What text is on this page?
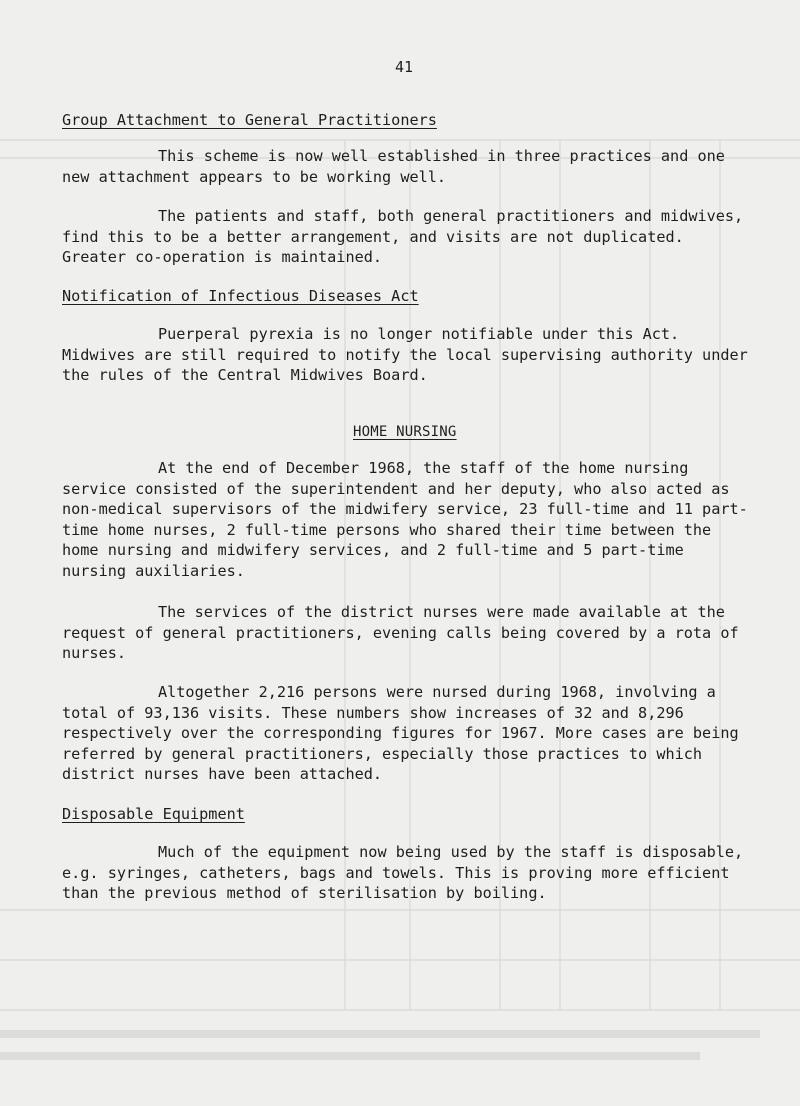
41
Group Attachment to General Practitioners

This scheme is now well established in three practices and one new attachment appears to be working well.

The patients and staff, both general practitioners and midwives, find this to be a better arrangement, and visits are not duplicated. Greater co-operation is maintained.

Notification of Infectious Diseases Act

Puerperal pyrexia is no longer notifiable under this Act. Midwives are still required to notify the local supervising authority under the rules of the Central Midwives Board.

HOME NURSING

At the end of December 1968, the staff of the home nursing service consisted of the superintendent and her deputy, who also acted as non-medical supervisors of the midwifery service, 23 full-time and 11 part-time home nurses, 2 full-time persons who shared their time between the home nursing and midwifery services, and 2 full-time and 5 part-time nursing auxiliaries.

The services of the district nurses were made available at the request of general practitioners, evening calls being covered by a rota of nurses.

Altogether 2,216 persons were nursed during 1968, involving a total of 93,136 visits. These numbers show increases of 32 and 8,296 respectively over the corresponding figures for 1967. More cases are being referred by general practitioners, especially those practices to which district nurses have been attached.

Disposable Equipment

Much of the equipment now being used by the staff is disposable, e.g. syringes, catheters, bags and towels. This is proving more efficient than the previous method of sterilisation by boiling.
